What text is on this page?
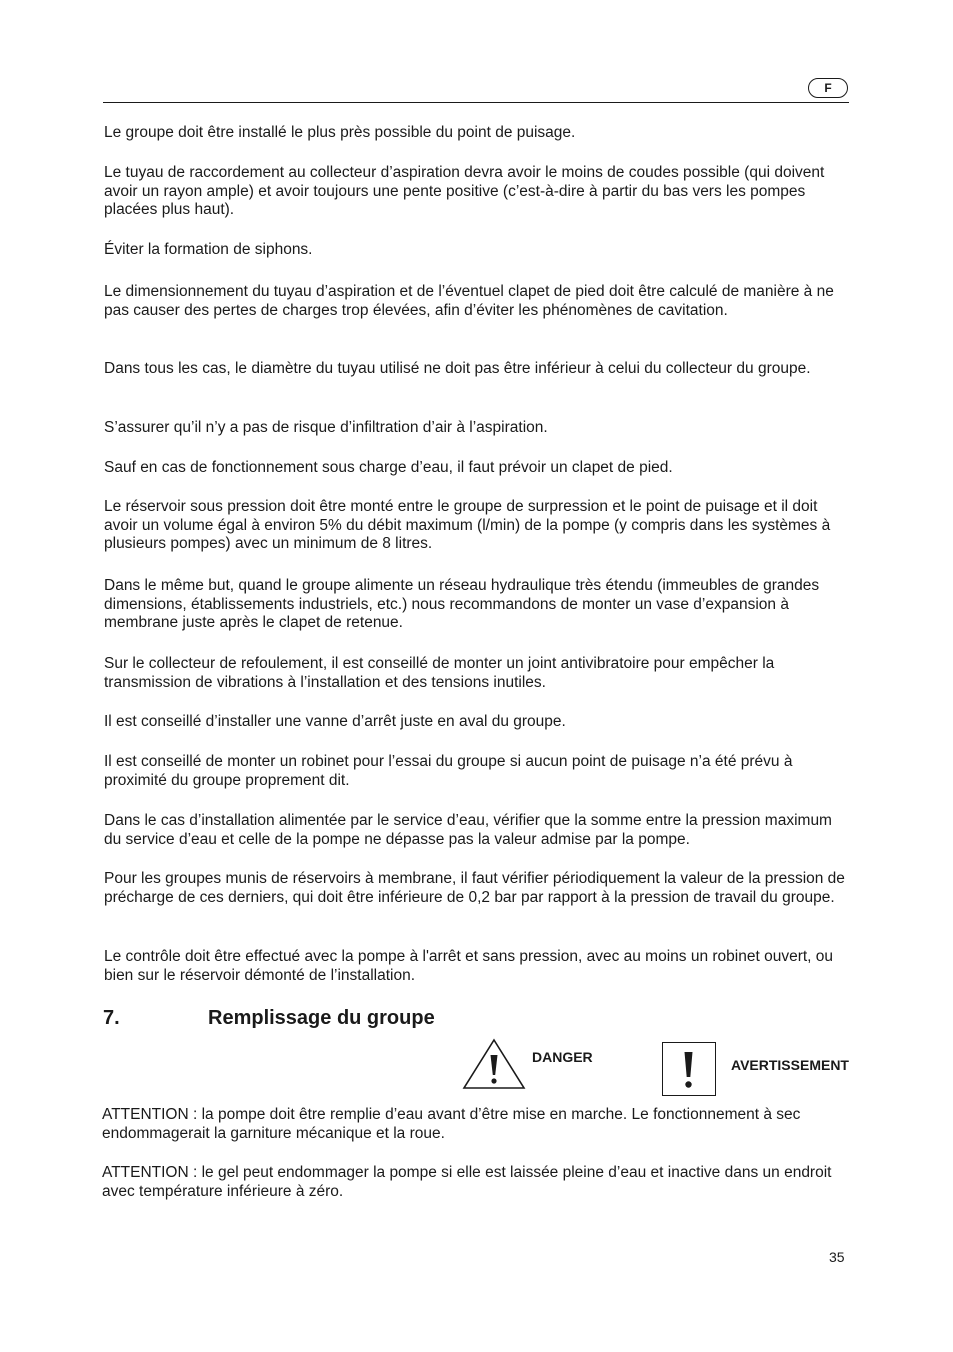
F

Le groupe doit être installé le plus près possible du point de puisage.

Le tuyau de raccordement au collecteur d’aspiration devra avoir le moins de coudes possible (qui doivent avoir un rayon ample) et avoir toujours une pente positive (c’est-à-dire à partir du bas vers les pompes placées plus haut).

Éviter la formation de siphons.

Le dimensionnement du tuyau d’aspiration et de l’éventuel clapet de pied doit être calculé de manière à ne pas causer des pertes de charges trop élevées, afin d’éviter les phénomènes de cavitation.

Dans tous les cas, le diamètre du tuyau utilisé ne doit pas être inférieur à celui du collecteur du groupe.

S’assurer qu’il n’y a pas de risque d’infiltration d’air à l’aspiration.

Sauf en cas de fonctionnement sous charge d’eau, il faut prévoir un clapet de pied.

Le réservoir sous pression doit être monté entre le groupe de surpression et le point de puisage et il doit avoir un volume égal à environ 5% du débit maximum (l/min) de la pompe (y compris dans les systèmes à plusieurs pompes) avec un minimum de 8 litres.

Dans le même but, quand le groupe alimente un réseau hydraulique très étendu (immeubles de grandes dimensions, établissements industriels, etc.) nous recommandons de monter un vase d’expansion à membrane juste après le clapet de retenue.

Sur le collecteur de refoulement, il est conseillé de monter un joint antivibratoire pour empêcher la transmission de vibrations à l’installation et des tensions inutiles.

Il est conseillé d’installer une vanne d’arrêt juste en aval du groupe.

Il est conseillé de monter un robinet pour l’essai du groupe si aucun point de puisage n’a été prévu à proximité du groupe proprement dit.

Dans le cas d’installation alimentée par le service d’eau, vérifier que la somme entre la pression maximum du service d’eau et celle de la pompe ne dépasse pas la valeur admise par la pompe.

Pour les groupes munis de réservoirs à membrane, il faut vérifier périodiquement la valeur de la pression de précharge de ces derniers, qui doit être inférieure de 0,2 bar par rapport à la pression de travail du groupe.

Le contrôle doit être effectué avec la pompe à l'arrêt et sans pression, avec au moins un robinet ouvert, ou bien sur le réservoir démonté de l’installation.

7.	Remplissage du groupe
DANGER	AVERTISSEMENT

ATTENTION : la pompe doit être remplie d’eau avant d’être mise en marche. Le fonctionnement à sec endommagerait la garniture mécanique et la roue.

ATTENTION : le gel peut endommager la pompe si elle est laissée pleine d’eau et inactive dans un endroit avec température inférieure à zéro.

35
